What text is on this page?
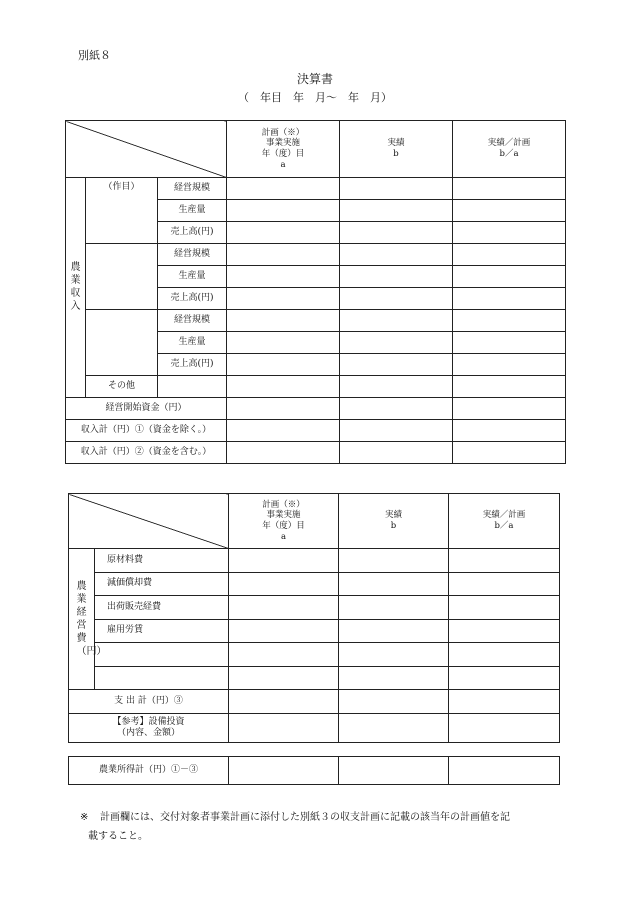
別紙８
決算書
（　年目　年　月～　年　月）
			計画（※）
事業実施
年（度）目
a	実績
b	実績／計画
b／a
農業収入	（作目）	経営規模			
		生産量			
		売上高(円)			
		経営規模			
		生産量			
		売上高(円)			
		経営規模			
		生産量			
		売上高(円)			
	その他				
経営開始資金（円）					
収入計（円）①（資金を除く。）					
収入計（円）②（資金を含む。）					
		計画（※）
事業実施
年（度）目
a	実績
b	実績／計画
b／a
農業経営費（円）	原材料費			
	減価償却費			
	出荷販売経費			
	雇用労賃			

支 出 計（円）③				
【参考】設備投資
（内容、金額）				
農業所得計（円）①－③			
※ 計画欄には、交付対象者事業計画に添付した別紙３の収支計画に記載の該当年の計画値を記
載すること。
